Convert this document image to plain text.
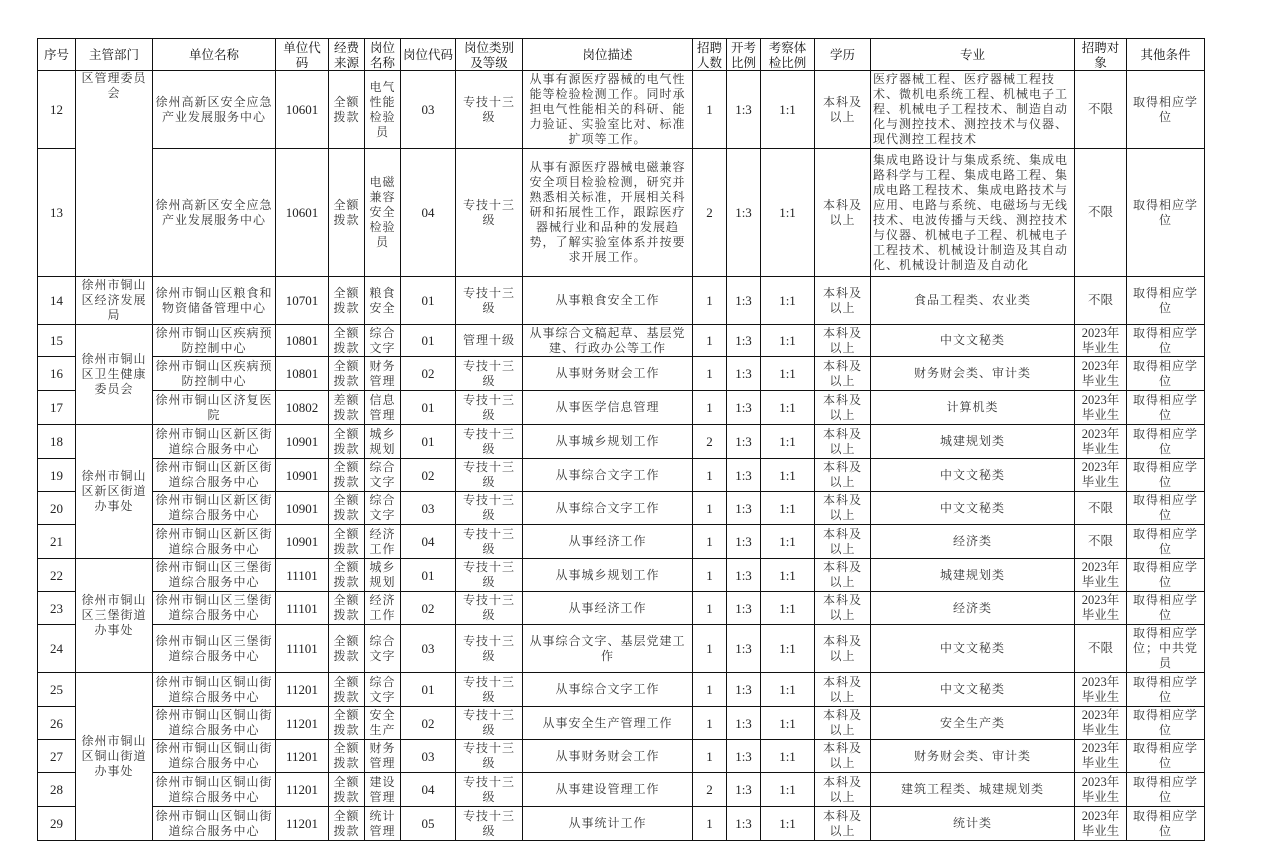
序号	主管部门	单位名称	单位代码	经费来源	岗位名称	岗位代码	岗位类别及等级	岗位描述	招聘人数	开考比例	考察体检比例	学历	专业	招聘对象	其他条件
12	区管理委员会	徐州高新区安全应急产业发展服务中心	10601	全额拨款	电气性能检验员	03	专技十三级	从事有源医疗器械的电气性能等检验检测工作。同时承担电气性能相关的科研、能力验证、实验室比对、标准扩项等工作。	1	1:3	1:1	本科及以上	医疗器械工程、医疗器械工程技术、微机电系统工程、机械电子工程、机械电子工程技术、制造自动化与测控技术、测控技术与仪器、现代测控工程技术	不限	取得相应学位
13		徐州高新区安全应急产业发展服务中心	10601	全额拨款	电磁兼容安全检验员	04	专技十三级	从事有源医疗器械电磁兼容安全项目检验检测，研究并熟悉相关标准，开展相关科研和拓展性工作，跟踪医疗器械行业和品种的发展趋势，了解实验室体系并按要求开展工作。	2	1:3	1:1	本科及以上	集成电路设计与集成系统、集成电路科学与工程、集成电路工程、集成电路工程技术、集成电路技术与应用、电路与系统、电磁场与无线技术、电波传播与天线、测控技术与仪器、机械电子工程、机械电子工程技术、机械设计制造及其自动化、机械设计制造及自动化	不限	取得相应学位
14	徐州市铜山区经济发展局	徐州市铜山区粮食和物资储备管理中心	10701	全额拨款	粮食安全	01	专技十三级	从事粮食安全工作	1	1:3	1:1	本科及以上	食品工程类、农业类	不限	取得相应学位
15	徐州市铜山区卫生健康委员会	徐州市铜山区疾病预防控制中心	10801	全额拨款	综合文字	01	管理十级	从事综合文稿起草、基层党建、行政办公等工作	1	1:3	1:1	本科及以上	中文文秘类	2023年毕业生	取得相应学位
16		徐州市铜山区疾病预防控制中心	10801	全额拨款	财务管理	02	专技十三级	从事财务财会工作	1	1:3	1:1	本科及以上	财务财会类、审计类	2023年毕业生	取得相应学位
17		徐州市铜山区济复医院	10802	差额拨款	信息管理	01	专技十三级	从事医学信息管理	1	1:3	1:1	本科及以上	计算机类	2023年毕业生	取得相应学位
18	徐州市铜山区新区街道办事处	徐州市铜山区新区街道综合服务中心	10901	全额拨款	城乡规划	01	专技十三级	从事城乡规划工作	2	1:3	1:1	本科及以上	城建规划类	2023年毕业生	取得相应学位
19		徐州市铜山区新区街道综合服务中心	10901	全额拨款	综合文字	02	专技十三级	从事综合文字工作	1	1:3	1:1	本科及以上	中文文秘类	2023年毕业生	取得相应学位
20		徐州市铜山区新区街道综合服务中心	10901	全额拨款	综合文字	03	专技十三级	从事综合文字工作	1	1:3	1:1	本科及以上	中文文秘类	不限	取得相应学位
21		徐州市铜山区新区街道综合服务中心	10901	全额拨款	经济工作	04	专技十三级	从事经济工作	1	1:3	1:1	本科及以上	经济类	不限	取得相应学位
22	徐州市铜山区三堡街道办事处	徐州市铜山区三堡街道综合服务中心	11101	全额拨款	城乡规划	01	专技十三级	从事城乡规划工作	1	1:3	1:1	本科及以上	城建规划类	2023年毕业生	取得相应学位
23		徐州市铜山区三堡街道综合服务中心	11101	全额拨款	经济工作	02	专技十三级	从事经济工作	1	1:3	1:1	本科及以上	经济类	2023年毕业生	取得相应学位
24		徐州市铜山区三堡街道综合服务中心	11101	全额拨款	综合文字	03	专技十三级	从事综合文字、基层党建工作	1	1:3	1:1	本科及以上	中文文秘类	不限	取得相应学位；中共党员
25	徐州市铜山区铜山街道办事处	徐州市铜山区铜山街道综合服务中心	11201	全额拨款	综合文字	01	专技十三级	从事综合文字工作	1	1:3	1:1	本科及以上	中文文秘类	2023年毕业生	取得相应学位
26		徐州市铜山区铜山街道综合服务中心	11201	全额拨款	安全生产	02	专技十三级	从事安全生产管理工作	1	1:3	1:1	本科及以上	安全生产类	2023年毕业生	取得相应学位
27		徐州市铜山区铜山街道综合服务中心	11201	全额拨款	财务管理	03	专技十三级	从事财务财会工作	1	1:3	1:1	本科及以上	财务财会类、审计类	2023年毕业生	取得相应学位
28		徐州市铜山区铜山街道综合服务中心	11201	全额拨款	建设管理	04	专技十三级	从事建设管理工作	2	1:3	1:1	本科及以上	建筑工程类、城建规划类	2023年毕业生	取得相应学位
29		徐州市铜山区铜山街道综合服务中心	11201	全额拨款	统计管理	05	专技十三级	从事统计工作	1	1:3	1:1	本科及以上	统计类	2023年毕业生	取得相应学位
